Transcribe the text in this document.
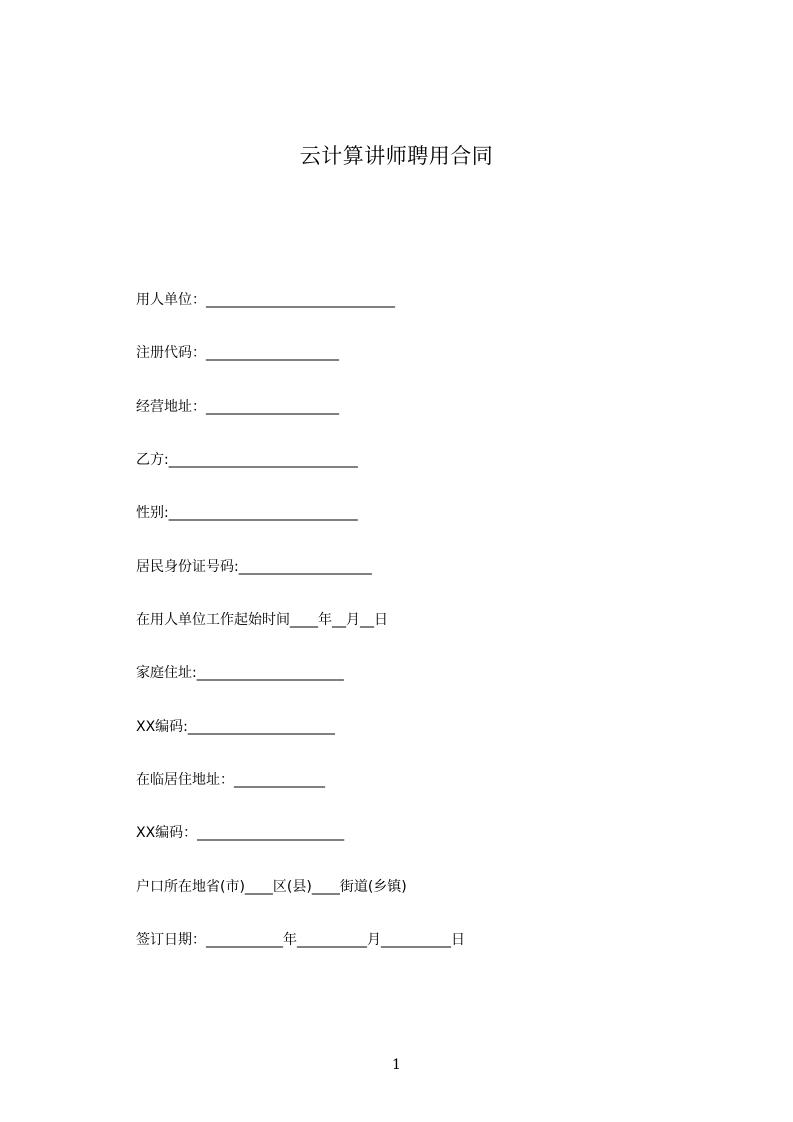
云计算讲师聘用合同
用人单位：___________________________
注册代码：___________________
经营地址：___________________
乙方:___________________________
性别:___________________________
居民身份证号码:___________________
在用人单位工作起始时间____年__月__日
家庭住址:_____________________
XX编码:_____________________
在临居住地址：_____________
XX编码：_____________________
户口所在地省(市)____区(县)____街道(乡镇)
签订日期：___________年__________月__________日
1
